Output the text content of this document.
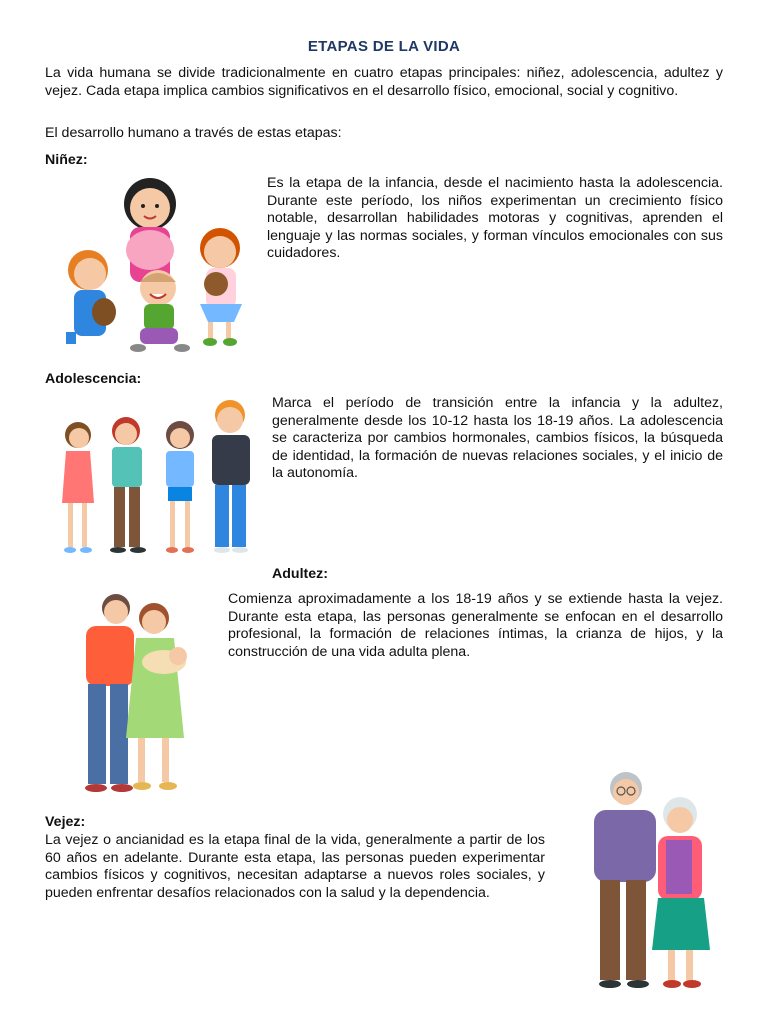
ETAPAS DE LA VIDA

La vida humana se divide tradicionalmente en cuatro etapas principales: niñez, adolescencia, adultez y vejez. Cada etapa implica cambios significativos en el desarrollo físico, emocional, social y cognitivo.

El desarrollo humano a través de estas etapas:

Niñez:

Es la etapa de la infancia, desde el nacimiento hasta la adolescencia. Durante este período, los niños experimentan un crecimiento físico notable, desarrollan habilidades motoras y cognitivas, aprenden el lenguaje y las normas sociales, y forman vínculos emocionales con sus cuidadores.

Adolescencia:

Marca el período de transición entre la infancia y la adultez, generalmente desde los 10-12 hasta los 18-19 años. La adolescencia se caracteriza por cambios hormonales, cambios físicos, la búsqueda de identidad, la formación de nuevas relaciones sociales, y el inicio de la autonomía.

Adultez:

Comienza aproximadamente a los 18-19 años y se extiende hasta la vejez. Durante esta etapa, las personas generalmente se enfocan en el desarrollo profesional, la formación de relaciones íntimas, la crianza de hijos, y la construcción de una vida adulta plena.

Vejez:

La vejez o ancianidad es la etapa final de la vida, generalmente a partir de los 60 años en adelante. Durante esta etapa, las personas pueden experimentar cambios físicos y cognitivos, necesitan adaptarse a nuevos roles sociales, y pueden enfrentar desafíos relacionados con la salud y la dependencia.
